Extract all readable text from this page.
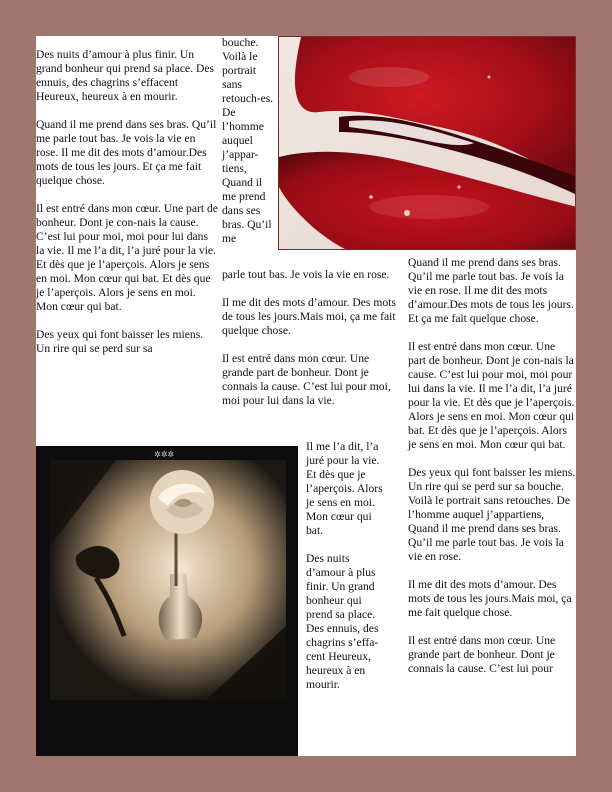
Des nuits d’amour à plus finir. Un grand bonheur qui prend sa place. Des ennuis, des chagrins s’effacent Heureux, heureux à en mourir.

Quand il me prend dans ses bras. Qu’il me parle tout bas. Je vois la vie en rose. Il me dit des mots d’amour.Des mots de tous les jours. Et ça me fait quelque chose.

Il est entré dans mon cœur. Une part de bonheur. Dont je con-nais la cause. C’est lui pour moi, moi pour lui dans la vie. Il me l’a dit, l’a juré pour la vie. Et dès que je l’aperçois. Alors je sens en moi. Mon cœur qui bat. Et dès que je l’aperçois. Alors je sens en moi. Mon cœur qui bat.

Des yeux qui font baisser les miens. Un rire qui se perd sur sa

bouche. Voilà le portrait sans retouch-es. De l’homme auquel j’appar-tiens, Quand il me prend dans ses bras. Qu’il me

parle tout bas. Je vois la vie en rose.

Il me dit des mots d’amour. Des mots de tous les jours.Mais moi, ça me fait quelque chose.

Il est entré dans mon cœur. Une grande part de bonheur. Dont je connais la cause. C’est lui pour moi, moi pour lui dans la vie.

Il me l’a dit, l’a juré pour la vie. Et dès que je l’aperçois. Alors je sens en moi. Mon cœur qui bat.

Des nuits d’amour à plus finir. Un grand bonheur qui prend sa place. Des ennuis, des chagrins s’effa-cent Heureux, heureux à en mourir.

Quand il me prend dans ses bras. Qu’il me parle tout bas. Je vois la vie en rose. Il me dit des mots d’amour.Des mots de tous les jours. Et ça me fait quelque chose.

Il est entré dans mon cœur. Une part de bonheur. Dont je con-nais la cause. C’est lui pour moi, moi pour lui dans la vie. Il me l’a dit, l’a juré pour la vie. Et dès que je l’aperçois. Alors je sens en moi. Mon cœur qui bat. Et dès que je l’aperçois. Alors je sens en moi. Mon cœur qui bat.

Des yeux qui font baisser les miens. Un rire qui se perd sur sa bouche. Voilà le portrait sans retouches. De l’homme auquel j’appartiens, Quand il me prend dans ses bras. Qu’il me parle tout bas. Je vois la vie en rose.

Il me dit des mots d’amour. Des mots de tous les jours.Mais moi, ça me fait quelque chose.

Il est entré dans mon cœur. Une grande part de bonheur. Dont je connais la cause. C’est lui pour

✲✲✲
